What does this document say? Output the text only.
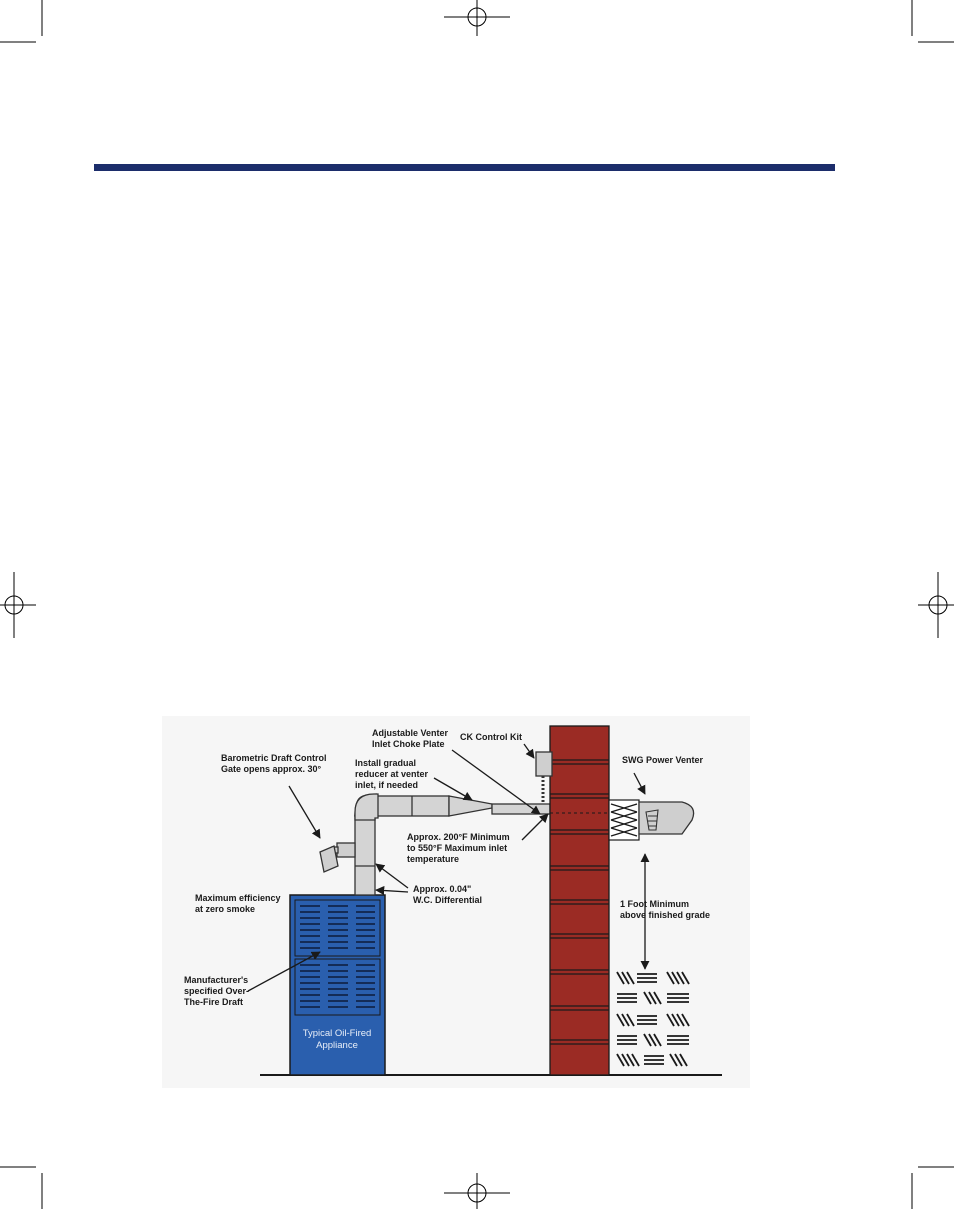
Typical Oil-Fired
Appliance
Barometric Draft Control
Gate opens approx. 30°
Adjustable Venter
Inlet Choke Plate
CK Control Kit
Install gradual
reducer at venter
inlet, if needed
SWG Power Venter
Approx. 200°F Minimum
to 550°F Maximum inlet
temperature
Approx. 0.04"
W.C. Differential
Maximum efficiency
at zero smoke	1 Foot Minimum
above finished grade
Manufacturer's
specified Over-
The-Fire Draft
